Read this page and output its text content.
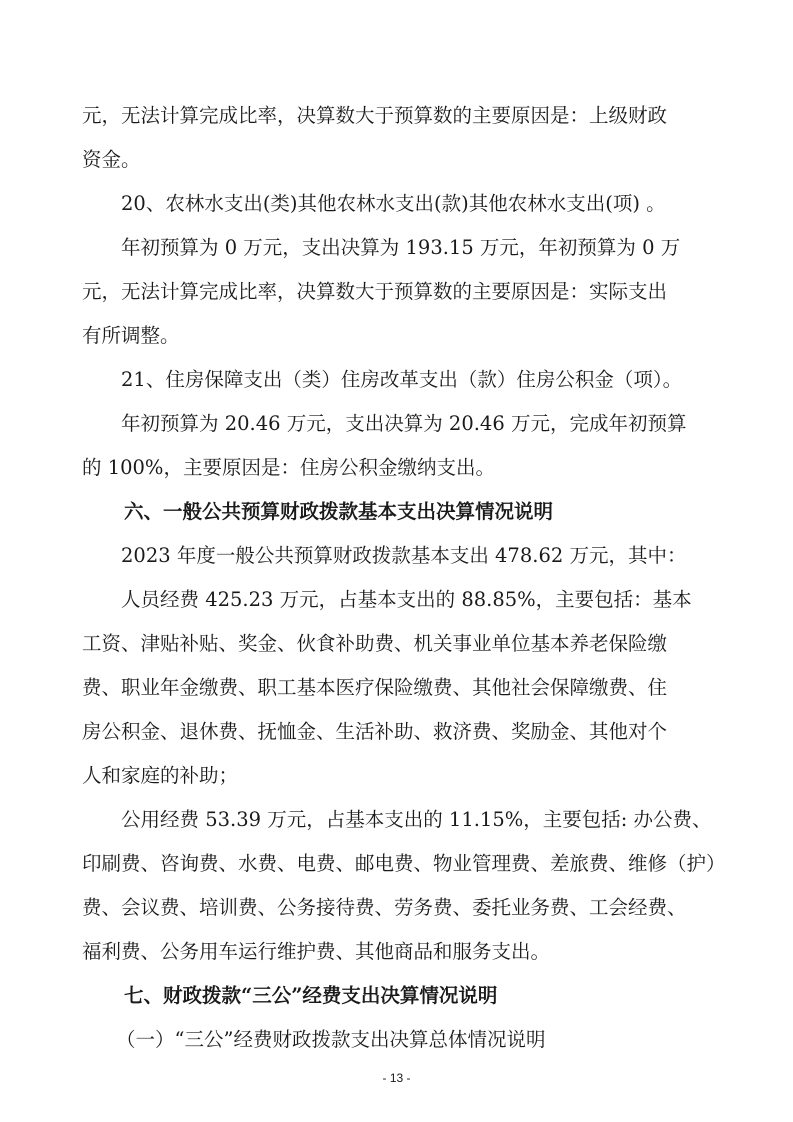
元，无法计算完成比率，决算数大于预算数的主要原因是：上级财政
资金。
20、农林水支出(类)其他农林水支出(款)其他农林水支出(项) 。
年初预算为 0 万元，支出决算为 193.15 万元，年初预算为 0 万
元，无法计算完成比率，决算数大于预算数的主要原因是：实际支出
有所调整。
21、住房保障支出（类）住房改革支出（款）住房公积金（项）。
年初预算为 20.46 万元，支出决算为 20.46 万元，完成年初预算
的 100%，主要原因是：住房公积金缴纳支出。
六、一般公共预算财政拨款基本支出决算情况说明
2023 年度一般公共预算财政拨款基本支出 478.62 万元，其中：
人员经费 425.23 万元，占基本支出的 88.85%，主要包括：基本
工资、津贴补贴、奖金、伙食补助费、机关事业单位基本养老保险缴
费、职业年金缴费、职工基本医疗保险缴费、其他社会保障缴费、住
房公积金、退休费、抚恤金、生活补助、救济费、奖励金、其他对个
人和家庭的补助；
公用经费 53.39 万元，占基本支出的 11.15%，主要包括: 办公费、
印刷费、咨询费、水费、电费、邮电费、物业管理费、差旅费、维修（护）
费、会议费、培训费、公务接待费、劳务费、委托业务费、工会经费、
福利费、公务用车运行维护费、其他商品和服务支出。
七、财政拨款“三公”经费支出决算情况说明
（一）“三公”经费财政拨款支出决算总体情况说明
- 13 -
